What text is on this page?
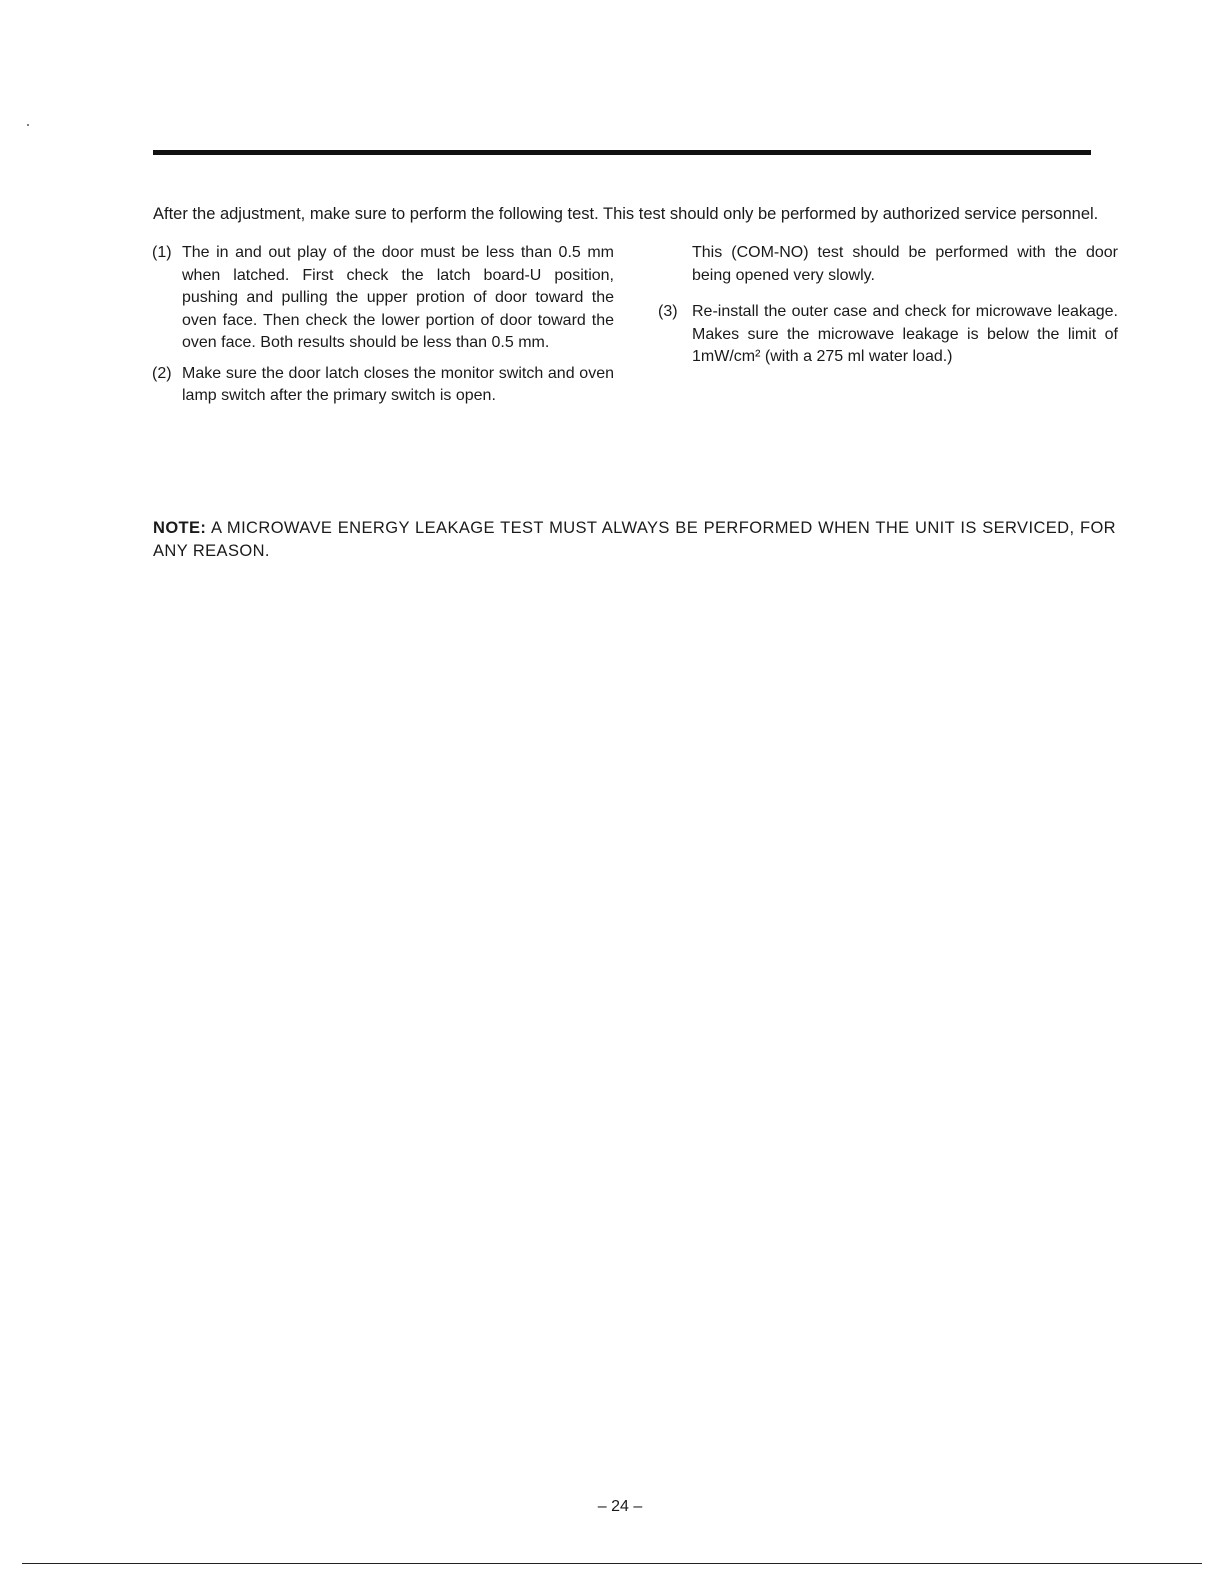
After the adjustment, make sure to perform the following test. This test should only be performed by authorized service personnel.

(1) The in and out play of the door must be less than 0.5 mm when latched. First check the latch board-U position, pushing and pulling the upper protion of door toward the oven face. Then check the lower portion of door toward the oven face. Both results should be less than 0.5 mm.

(2) Make sure the door latch closes the monitor switch and oven lamp switch after the primary switch is open.

This (COM-NO) test should be performed with the door being opened very slowly.

(3) Re-install the outer case and check for microwave leakage. Makes sure the microwave leakage is below the limit of 1mW/cm² (with a 275 ml water load.)

NOTE: A MICROWAVE ENERGY LEAKAGE TEST MUST ALWAYS BE PERFORMED WHEN THE UNIT IS SERVICED, FOR ANY REASON.

– 24 –
